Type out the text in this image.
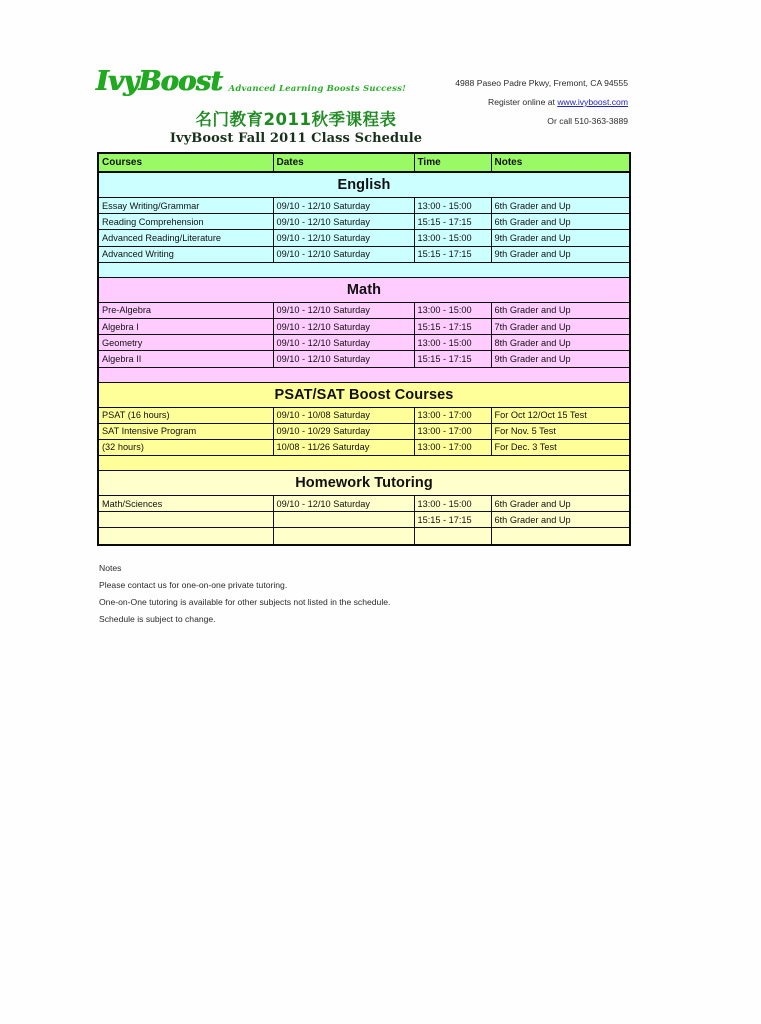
IvyBoost Advanced Learning Boosts Success!
4988 Paseo Padre Pkwy, Fremont, CA 94555
Register online at www.ivyboost.com
Or call 510-363-3889
名门教育2011秋季课程表
IvyBoost Fall 2011 Class Schedule
Courses	Dates	Time	Notes
English			
Essay Writing/Grammar	09/10 - 12/10 Saturday	13:00 - 15:00	6th Grader and Up
Reading Comprehension	09/10 - 12/10 Saturday	15:15 - 17:15	6th Grader and Up
Advanced Reading/Literature	09/10 - 12/10 Saturday	13:00 - 15:00	9th Grader and Up
Advanced Writing	09/10 - 12/10 Saturday	15:15 - 17:15	9th Grader and Up

Math			
Pre-Algebra	09/10 - 12/10 Saturday	13:00 - 15:00	6th Grader and Up
Algebra I	09/10 - 12/10 Saturday	15:15 - 17:15	7th Grader and Up
Geometry	09/10 - 12/10 Saturday	13:00 - 15:00	8th Grader and Up
Algebra II	09/10 - 12/10 Saturday	15:15 - 17:15	9th Grader and Up

PSAT/SAT Boost Courses			
PSAT (16 hours)	09/10 - 10/08 Saturday	13:00 - 17:00	For Oct 12/Oct 15 Test
SAT Intensive Program	09/10 - 10/29 Saturday	13:00 - 17:00	For Nov. 5 Test
(32 hours)	10/08 - 11/26 Saturday	13:00 - 17:00	For Dec. 3 Test

Homework Tutoring			
Math/Sciences	09/10 - 12/10 Saturday	13:00 - 15:00	6th Grader and Up
		15:15 - 17:15	6th Grader and Up

Notes
Please contact us for one-on-one private tutoring.
One-on-One tutoring is available for other subjects not listed in the schedule.
Schedule is subject to change.
